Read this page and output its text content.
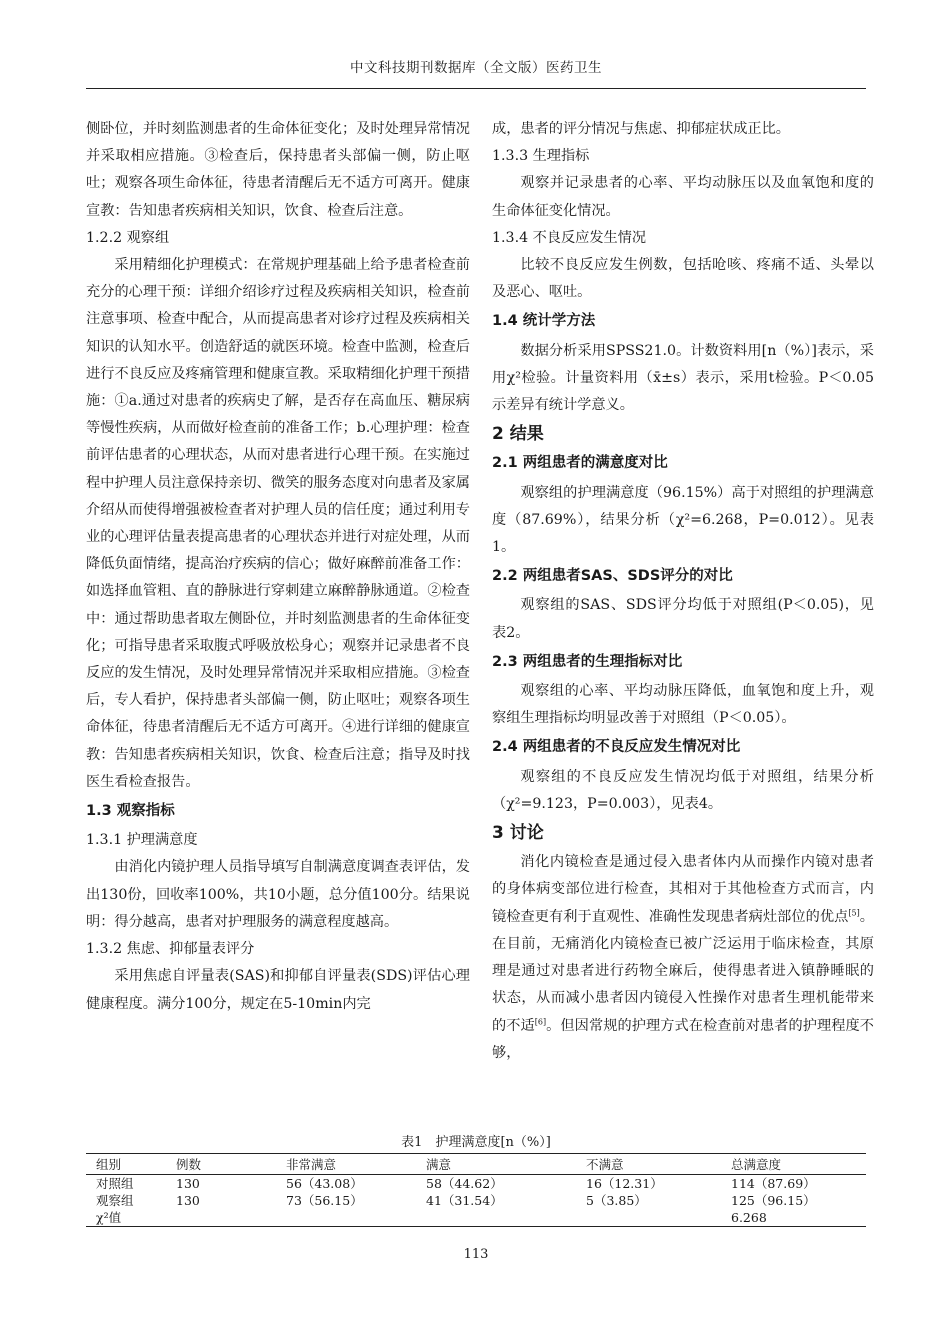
中文科技期刊数据库（全文版）医药卫生

侧卧位，并时刻监测患者的生命体征变化；及时处理异常情况并采取相应措施。③检查后，保持患者头部偏一侧，防止呕吐；观察各项生命体征，待患者清醒后无不适方可离开。健康宣教：告知患者疾病相关知识，饮食、检查后注意。

1.2.2 观察组

采用精细化护理模式：在常规护理基础上给予患者检查前充分的心理干预：详细介绍诊疗过程及疾病相关知识，检查前注意事项、检查中配合，从而提高患者对诊疗过程及疾病相关知识的认知水平。创造舒适的就医环境。检查中监测，检查后进行不良反应及疼痛管理和健康宣教。采取精细化护理干预措施：①a.通过对患者的疾病史了解，是否存在高血压、糖尿病等慢性疾病，从而做好检查前的准备工作；b.心理护理：检查前评估患者的心理状态，从而对患者进行心理干预。在实施过程中护理人员注意保持亲切、微笑的服务态度对向患者及家属介绍从而使得增强被检查者对护理人员的信任度；通过利用专业的心理评估量表提高患者的心理状态并进行对症处理，从而降低负面情绪，提高治疗疾病的信心；做好麻醉前准备工作：如选择血管粗、直的静脉进行穿刺建立麻醉静脉通道。②检查中：通过帮助患者取左侧卧位，并时刻监测患者的生命体征变化；可指导患者采取腹式呼吸放松身心；观察并记录患者不良反应的发生情况，及时处理异常情况并采取相应措施。③检查后，专人看护，保持患者头部偏一侧，防止呕吐；观察各项生命体征，待患者清醒后无不适方可离开。④进行详细的健康宣教：告知患者疾病相关知识，饮食、检查后注意；指导及时找医生看检查报告。

1.3 观察指标
1.3.1 护理满意度

由消化内镜护理人员指导填写自制满意度调查表评估，发出130份，回收率100%，共10小题，总分值100分。结果说明：得分越高，患者对护理服务的满意程度越高。

1.3.2 焦虑、抑郁量表评分

采用焦虑自评量表(SAS)和抑郁自评量表(SDS)评估心理健康程度。满分100分，规定在5-10min内完

成，患者的评分情况与焦虑、抑郁症状成正比。

1.3.3 生理指标

观察并记录患者的心率、平均动脉压以及血氧饱和度的生命体征变化情况。

1.3.4 不良反应发生情况

比较不良反应发生例数，包括呛咳、疼痛不适、头晕以及恶心、呕吐。

1.4 统计学方法

数据分析采用SPSS21.0。计数资料用[n（%）]表示，采用χ²检验。计量资料用（x̄±s）表示，采用t检验。P＜0.05示差异有统计学意义。

2 结果
2.1 两组患者的满意度对比

观察组的护理满意度（96.15%）高于对照组的护理满意度（87.69%），结果分析（χ²=6.268，P=0.012）。见表1。

2.2 两组患者SAS、SDS评分的对比

观察组的SAS、SDS评分均低于对照组(P＜0.05)，见表2。

2.3 两组患者的生理指标对比

观察组的心率、平均动脉压降低，血氧饱和度上升，观察组生理指标均明显改善于对照组（P＜0.05）。

2.4 两组患者的不良反应发生情况对比

观察组的不良反应发生情况均低于对照组，结果分析（χ²=9.123，P=0.003），见表4。

3 讨论

消化内镜检查是通过侵入患者体内从而操作内镜对患者的身体病变部位进行检查，其相对于其他检查方式而言，内镜检查更有利于直观性、准确性发现患者病灶部位的优点[5]。在目前，无痛消化内镜检查已被广泛运用于临床检查，其原理是通过对患者进行药物全麻后，使得患者进入镇静睡眠的状态，从而减小患者因内镜侵入性操作对患者生理机能带来的不适[6]。但因常规的护理方式在检查前对患者的护理程度不够，

表1　护理满意度[n（%）]
组别	例数	非常满意	满意	不满意	总满意度
对照组	130	56（43.08）	58（44.62）	16（12.31）	114（87.69）
观察组	130	73（56.15）	41（31.54）	5（3.85）	125（96.15）
χ²值					6.268
113
